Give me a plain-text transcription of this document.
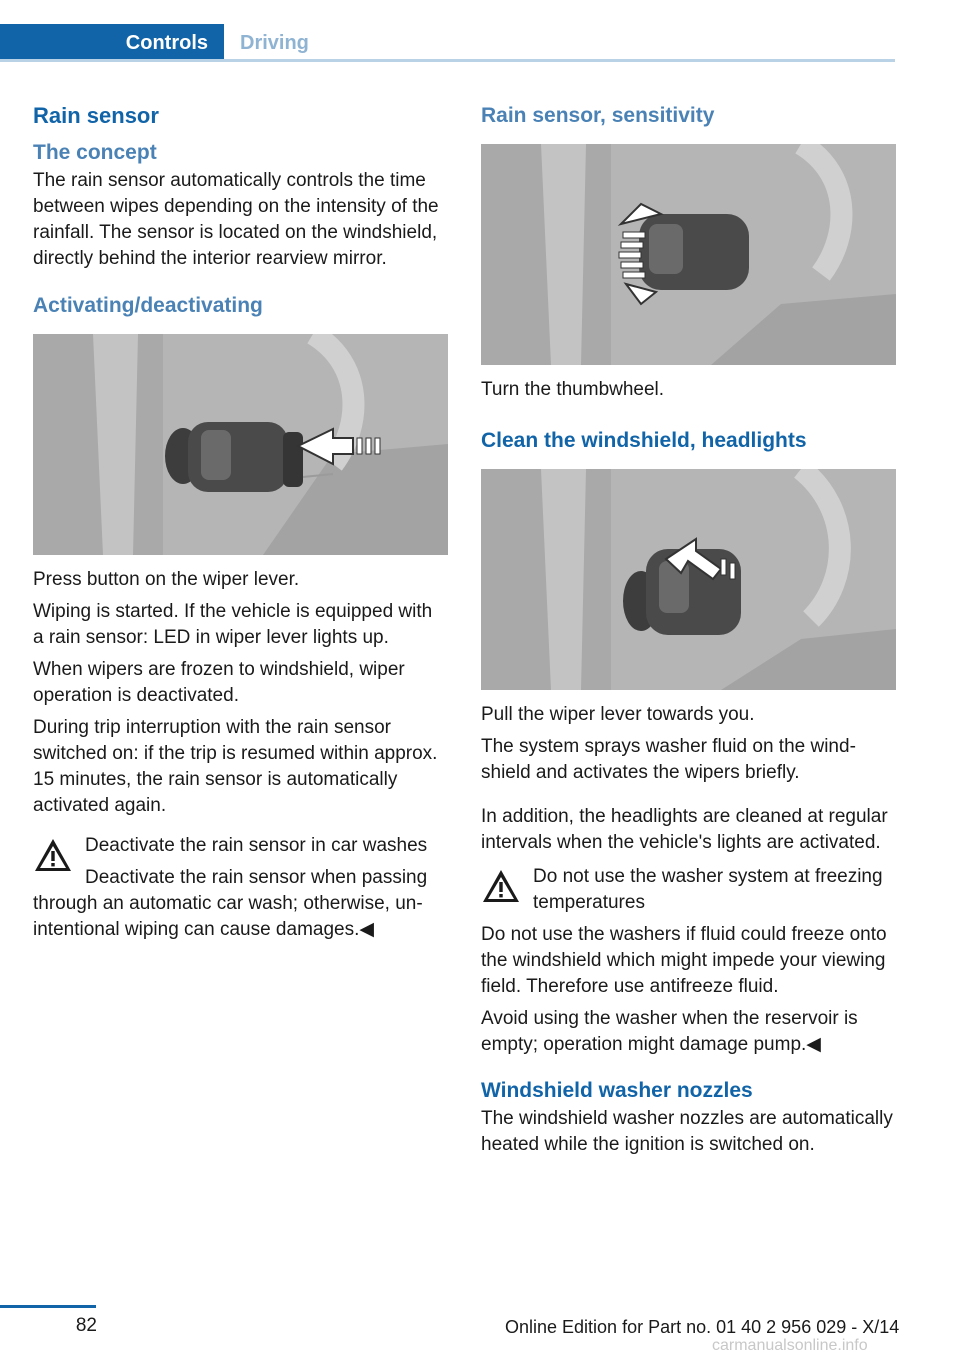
Controls	Driving
Rain sensor
The concept

The rain sensor automatically controls the time between wipes depending on the intensity of the rainfall. The sensor is located on the windshield, directly behind the interior rearview mirror.

Activating/deactivating

Press button on the wiper lever.

Wiping is started. If the vehicle is equipped with a rain sensor: LED in wiper lever lights up.

When wipers are frozen to windshield, wiper operation is deactivated.

During trip interruption with the rain sensor switched on: if the trip is resumed within approx. 15 minutes, the rain sensor is automatically activated again.

Deactivate the rain sensor in car washes

Deactivate the rain sensor when passing through an automatic car wash; otherwise, unintentional wiping can cause damages.◀

Rain sensor, sensitivity

Turn the thumbwheel.

Clean the windshield, headlights

Pull the wiper lever towards you.

The system sprays washer fluid on the windshield and activates the wipers briefly.

In addition, the headlights are cleaned at regular intervals when the vehicle's lights are activated.

Do not use the washer system at freezing temperatures

Do not use the washers if fluid could freeze onto the windshield which might impede your viewing field. Therefore use antifreeze fluid.

Avoid using the washer when the reservoir is empty; operation might damage pump.◀

Windshield washer nozzles

The windshield washer nozzles are automatically heated while the ignition is switched on.

82	Online Edition for Part no. 01 40 2 956 029 - X/14
carmanualsonline.info
